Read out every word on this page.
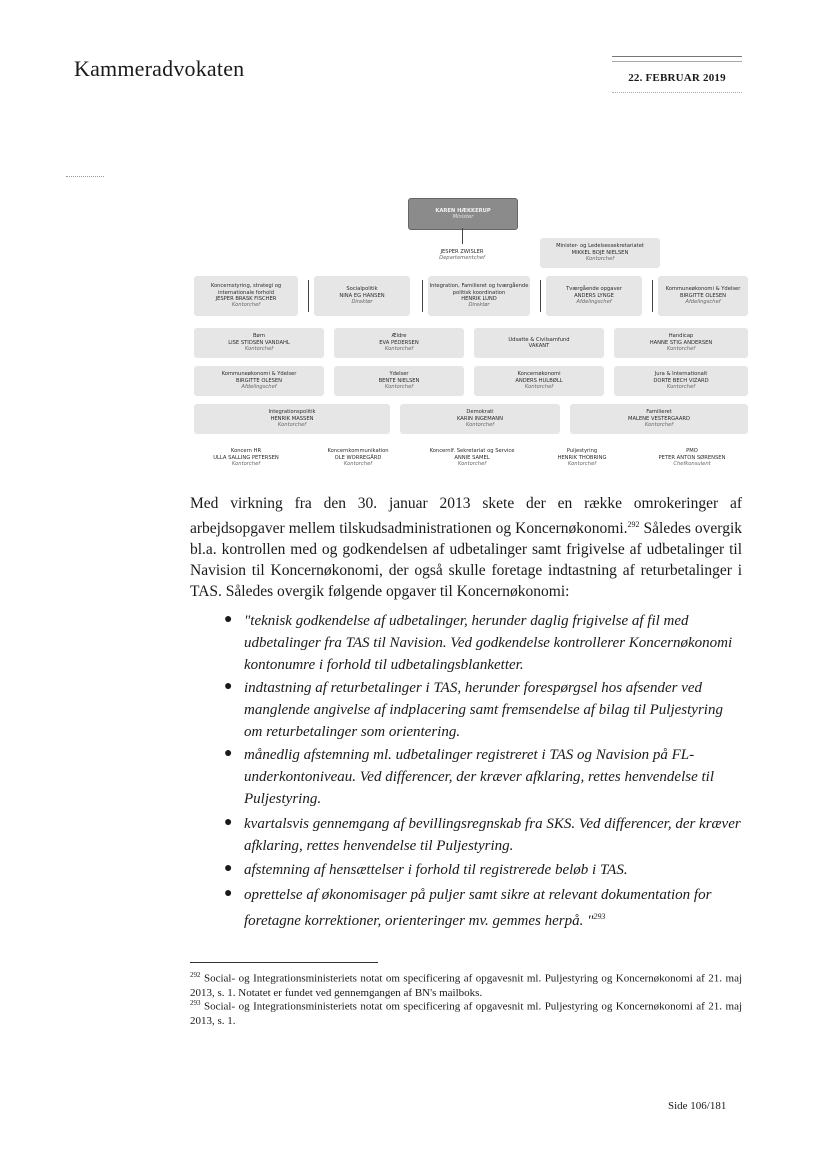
Kammeradvokaten	22. FEBRUAR 2019
KAREN HÆKKERUP
Minister
JESPER ZWISLER
Departementchef
Minister- og Ledelsessekretariatet
MIKKEL BOJE NIELSEN
Kontorchef
Koncernstyring, strategi og internationale forhold
JESPER BRASK FISCHER
Kontorchef
Socialpolitik
NINA EG HANSEN
Direktør
Integration, Familieret og tværgående politisk koordination
HENRIK LUND
Direktør
Tværgående opgaver
ANDERS LYNGE
Afdelingschef
Kommuneøkonomi & Ydelser
BIRGITTE OLESEN
Afdelingschef
Børn
LISE STIDSEN VANDAHL
Kontorchef
Ældre
EVA PEDERSEN
Kontorchef
Udsatte & Civilsamfund
VAKANT
Handicap
HANNE STIG ANDERSEN
Kontorchef
Kommuneøkonomi & Ydelser
BIRGITTE OLESEN
Afdelingschef
Ydelser
BENTE NIELSEN
Kontorchef
Koncernøkonomi
ANDERS HULBØLL
Kontorchef
Jura & Internationalt
DORTE BECH VIZARD
Kontorchef
Integrationspolitik
HENRIK MASSEN
Kontorchef
Demokrati
KARIN INGEMANN
Kontorchef
Familieret
MALENE VESTERGAARD
Kontorchef
Koncern HR
ULLA SALLING PETERSEN
Kontorchef
Koncernkommunikation
OLE WORREGÅRD
Kontorchef
Koncernlf. Sekretariat og Service
ANNIE SAMEL
Kontorchef
Puljestyring
HENRIK THOBRING
Kontorchef
PMO
PETER ANTON SØRENSEN
Chefkonsulent
Med virkning fra den 30. januar 2013 skete der en række omrokeringer af arbejdsopgaver mellem tilskudsadministrationen og Koncernøkonomi.$^{292}$ Således overgik bl.a. kontrollen med og godkendelsen af udbetalinger samt frigivelse af udbetalinger til Navision til Koncernøkonomi, der også skulle foretage indtastning af returbetalinger i TAS. Således overgik følgende opgaver til Koncernøkonomi:
● "teknisk godkendelse af udbetalinger, herunder daglig frigivelse af fil med udbetalinger fra TAS til Navision. Ved godkendelse kontrollerer Koncernøkonomi kontonumre i forhold til udbetalingsblanketter.
● indtastning af returbetalinger i TAS, herunder forespørgsel hos afsender ved manglende angivelse af indplacering samt fremsendelse af bilag til Puljestyring om returbetalinger som orientering.
● månedlig afstemning ml. udbetalinger registreret i TAS og Navision på FL-underkontoniveau. Ved differencer, der kræver afklaring, rettes henvendelse til Puljestyring.
● kvartalsvis gennemgang af bevillingsregnskab fra SKS. Ved differencer, der kræver afklaring, rettes henvendelse til Puljestyring.
● afstemning af hensættelser i forhold til registrerede beløb i TAS.
● oprettelse af økonomisager på puljer samt sikre at relevant dokumentation for foretagne korrektioner, orienteringer mv. gemmes herpå. "$^{293}$
$^{292}$ Social- og Integrationsministeriets notat om specificering af opgavesnit ml. Puljestyring og Koncernøkonomi af 21. maj 2013, s. 1. Notatet er fundet ved gennemgangen af BN's mailboks.
$^{293}$ Social- og Integrationsministeriets notat om specificering af opgavesnit ml. Puljestyring og Koncernøkonomi af 21. maj 2013, s. 1.
Side 106/181
